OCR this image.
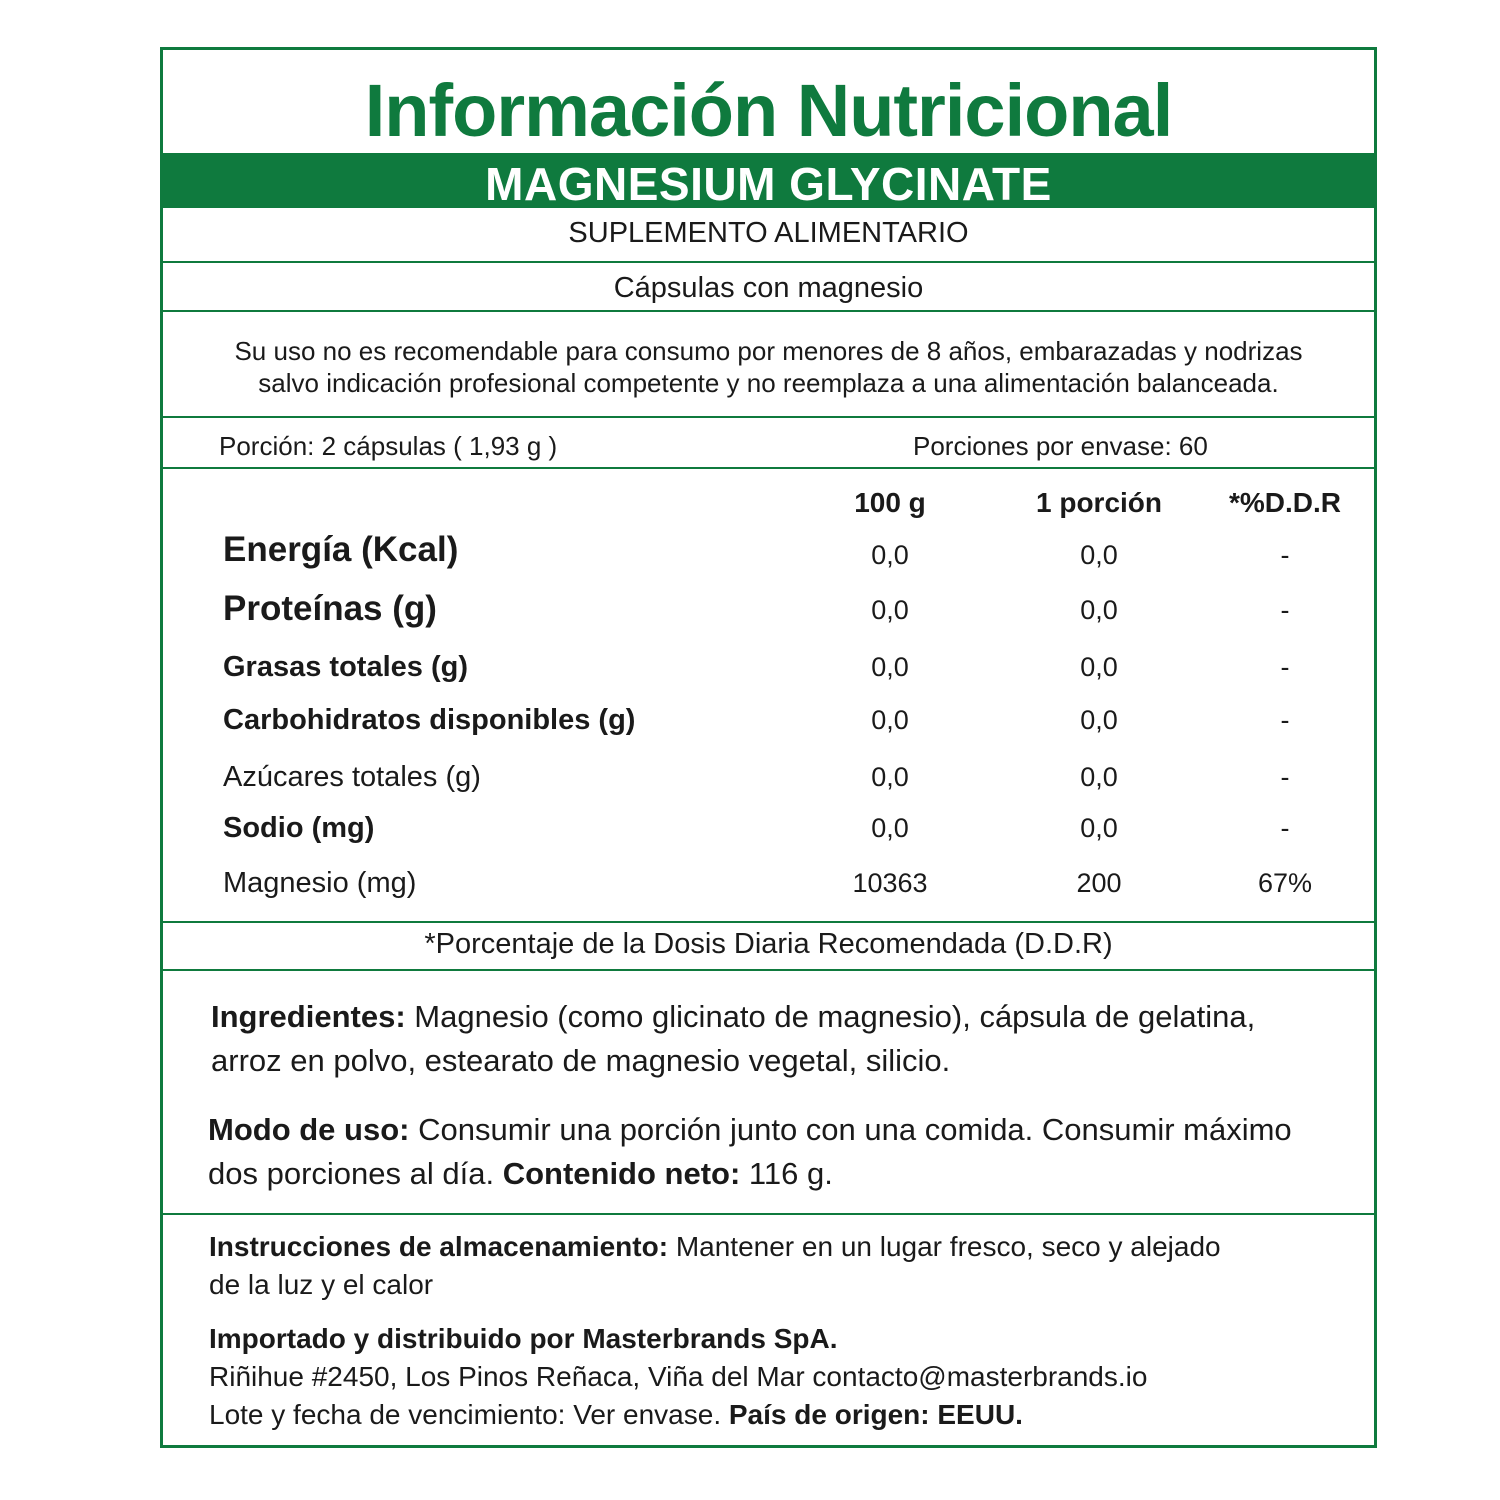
Información Nutricional
MAGNESIUM GLYCINATE
SUPLEMENTO ALIMENTARIO
Cápsulas con magnesio
Su uso no es recomendable para consumo por menores de 8 años, embarazadas y nodrizas
salvo indicación profesional competente y no reemplaza a una alimentación balanceada.
Porción: 2 cápsulas ( 1,93 g )	Porciones por envase: 60
100 g	1 porción	*%D.D.R
Energía (Kcal)	0,0	0,0	-
Proteínas (g)	0,0	0,0	-
Grasas totales (g)	0,0	0,0	-
Carbohidratos disponibles (g)	0,0	0,0	-
Azúcares totales (g)	0,0	0,0	-
Sodio (mg)	0,0	0,0	-
Magnesio (mg)	10363	200	67%
*Porcentaje de la Dosis Diaria Recomendada (D.D.R)
Ingredientes: Magnesio (como glicinato de magnesio), cápsula de gelatina,
arroz en polvo, estearato de magnesio vegetal, silicio.
Modo de uso: Consumir una porción junto con una comida. Consumir máximo
dos porciones al día. Contenido neto: 116 g.
Instrucciones de almacenamiento: Mantener en un lugar fresco, seco y alejado
de la luz y el calor
Importado y distribuido por Masterbrands SpA.
Riñihue #2450, Los Pinos Reñaca, Viña del Mar contacto@masterbrands.io
Lote y fecha de vencimiento: Ver envase. País de origen: EEUU.
